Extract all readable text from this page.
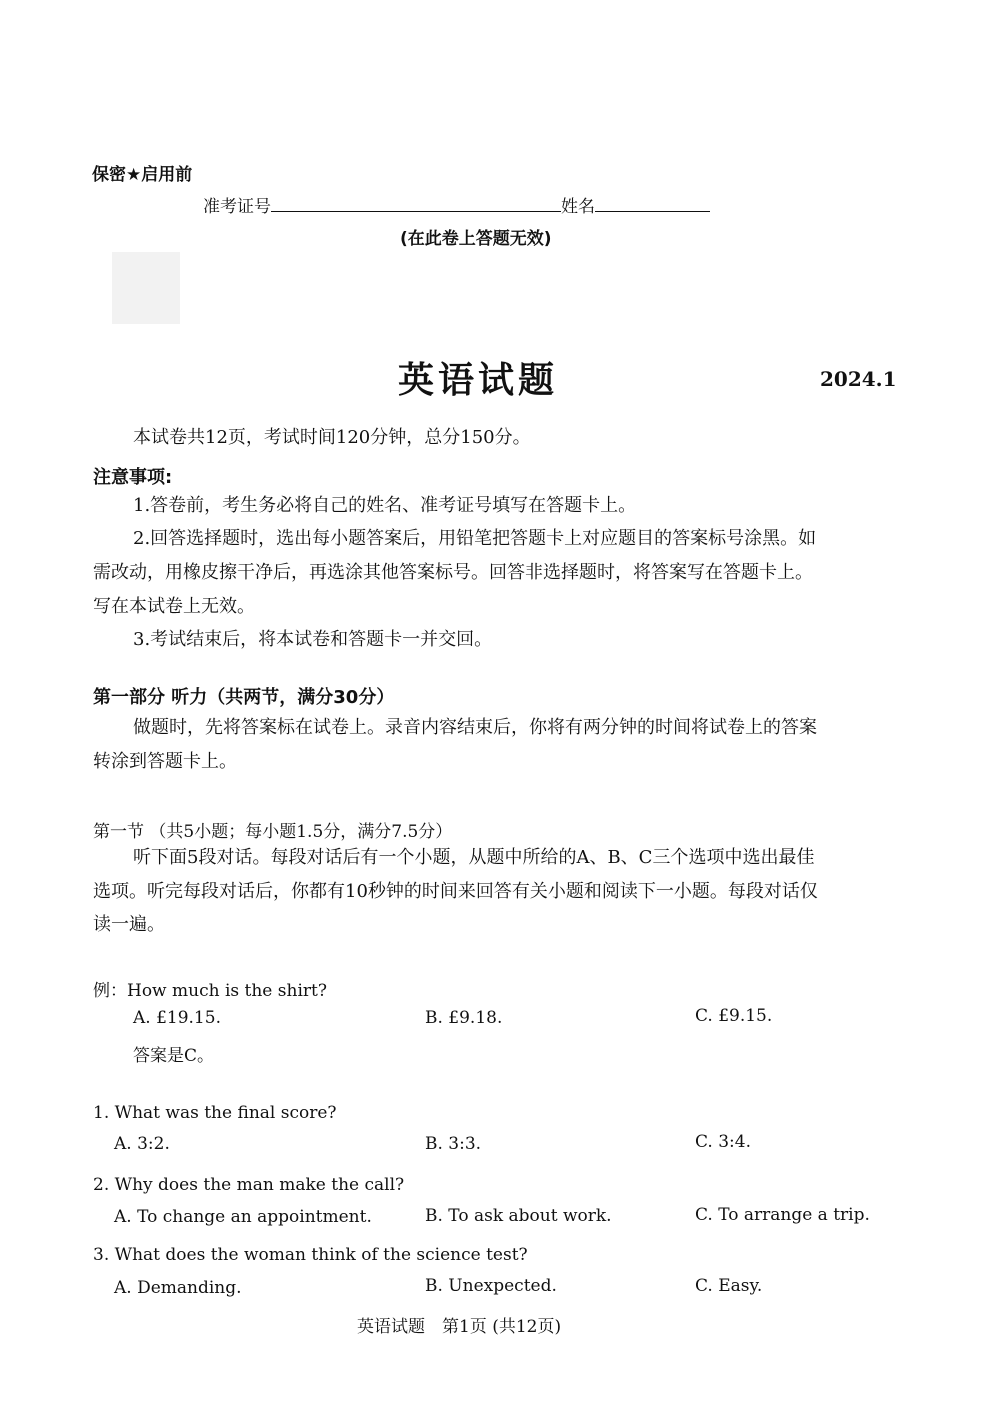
保密★启用前
准考证号	姓名
(在此卷上答题无效)
英语试题	2024.1
本试卷共12页，考试时间120分钟，总分150分。
注意事项:
1.答卷前，考生务必将自己的姓名、准考证号填写在答题卡上。
2.回答选择题时，选出每小题答案后，用铅笔把答题卡上对应题目的答案标号涂黑。如
需改动，用橡皮擦干净后，再选涂其他答案标号。回答非选择题时，将答案写在答题卡上。
写在本试卷上无效。
3.考试结束后，将本试卷和答题卡一并交回。
第一部分 听力（共两节，满分30分）
做题时，先将答案标在试卷上。录音内容结束后，你将有两分钟的时间将试卷上的答案
转涂到答题卡上。
第一节 （共5小题；每小题1.5分，满分7.5分）
听下面5段对话。每段对话后有一个小题，从题中所给的A、B、C三个选项中选出最佳
选项。听完每段对话后，你都有10秒钟的时间来回答有关小题和阅读下一小题。每段对话仅
读一遍。
例：How much is the shirt?
A. £19.15.	B. £9.18.	C. £9.15.
答案是C。
1. What was the final score?
A. 3:2.	B. 3:3.	C. 3:4.
2. Why does the man make the call?
A. To change an appointment.	B. To ask about work.	C. To arrange a trip.
3. What does the woman think of the science test?
A. Demanding.	B. Unexpected.	C. Easy.
英语试题　第1页 (共12页)
